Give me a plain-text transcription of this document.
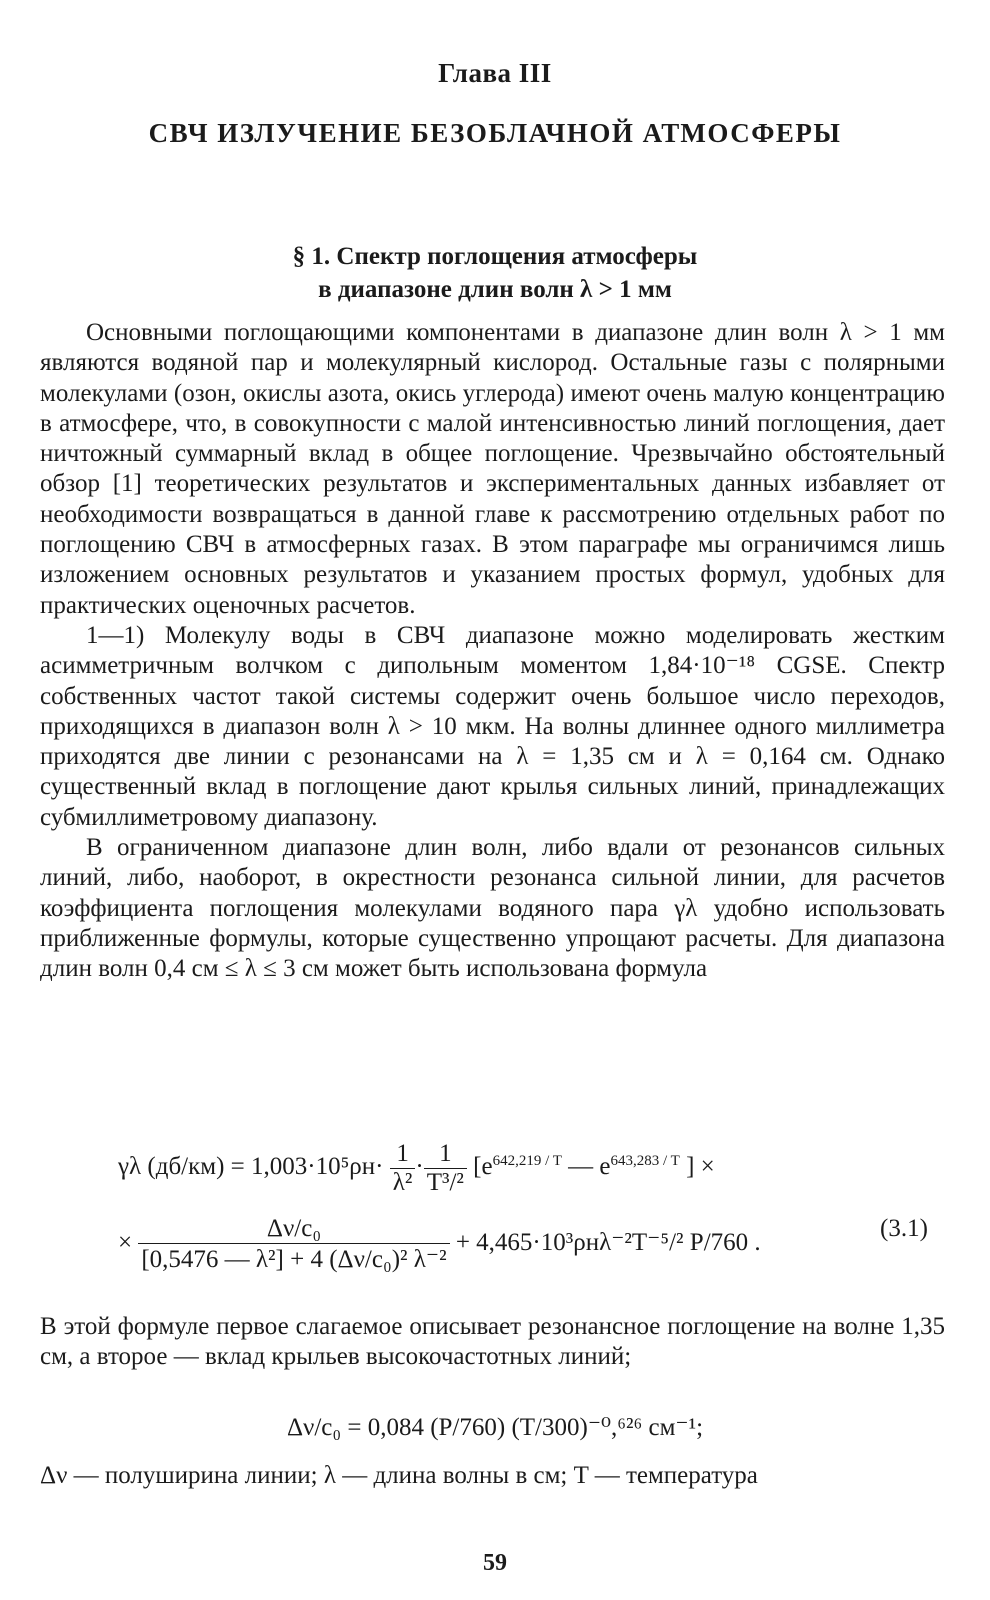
Глава III
СВЧ ИЗЛУЧЕНИЕ БЕЗОБЛАЧНОЙ АТМОСФЕРЫ
§ 1. Спектр поглощения атмосферы
в диапазоне длин волн λ > 1 мм

Основными поглощающими компонентами в диапазоне длин волн λ > 1 мм являются водяной пар и молекулярный кислород. Остальные газы с полярными молекулами (озон, окислы азота, окись углерода) имеют очень малую концентрацию в атмосфере, что, в совокупности с малой интенсивностью линий поглощения, дает ничтожный суммарный вклад в общее поглощение. Чрезвычайно обстоятельный обзор [1] теоретических результатов и экспериментальных данных избавляет от необходимости возвращаться в данной главе к рассмотрению отдельных работ по поглощению СВЧ в атмосферных газах. В этом параграфе мы ограничимся лишь изложением основных результатов и указанием простых формул, удобных для практических оценочных расчетов.

1—1) Молекулу воды в СВЧ диапазоне можно моделировать жестким асимметричным волчком с дипольным моментом 1,84·10⁻¹⁸ CGSE. Спектр собственных частот такой системы содержит очень большое число переходов, приходящихся в диапазон волн λ > 10 мкм. На волны длиннее одного миллиметра приходятся две линии с резонансами на λ = 1,35 см и λ = 0,164 см. Однако существенный вклад в поглощение дают крылья сильных линий, принадлежащих субмиллиметровому диапазону.

В ограниченном диапазоне длин волн, либо вдали от резонансов сильных линий, либо, наоборот, в окрестности резонанса сильной линии, для расчетов коэффициента поглощения молекулами водяного пара γλ удобно использовать приближенные формулы, которые существенно упрощают расчеты. Для диапазона длин волн 0,4 см ≤ λ ≤ 3 см может быть использована формула

γλ $(дб/км) = 1,003\cdot 10^5\rho н\cdot \frac{1}{\text{λ²}} \cdot \frac{1}{\text{T³/²}} [e^{642,219 / T}$ — $e^{643,283 / T}$ ] ×
× $\frac{\text{Δν/c₀}}{\text{[0,5476 — λ²] + 4 (Δν/c₀)² λ⁻²}} + 4,465\cdot 10^3\rho н\lambda^{-2}T^{-5}/^2$ P/760 .
(3.1)

В этой формуле первое слагаемое описывает резонансное поглощение на волне 1,35 см, а второе — вклад крыльев высокочастотных линий;

Δν/c₀ = 0,084 (P/760) (T/300)⁻⁰,⁶²⁶ см⁻¹;
Δν — полуширина линии; λ — длина волны в см; T — температура
59
